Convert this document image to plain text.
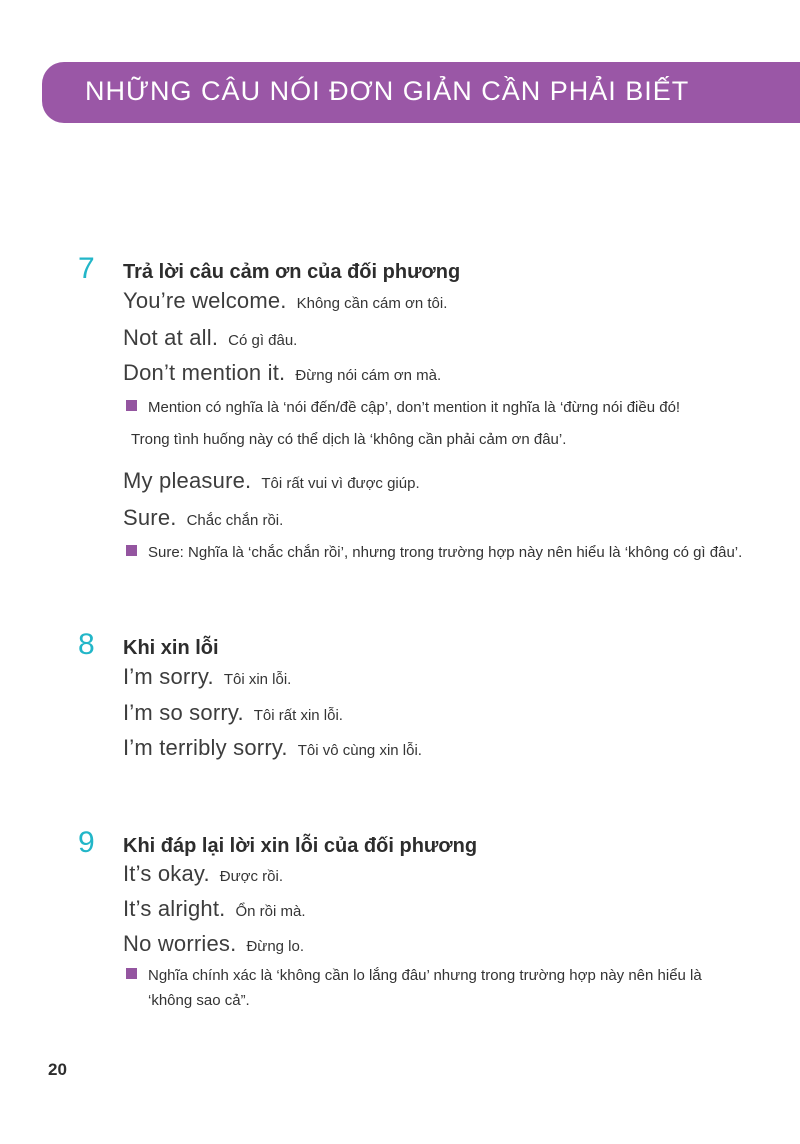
NHỮNG CÂU NÓI ĐƠN GIẢN CẦN PHẢI BIẾT
7	Trả lời câu cảm ơn của đối phương
You’re welcome. Không cần cám ơn tôi.
Not at all. Có gì đâu.
Don’t mention it. Đừng nói cám ơn mà.
Mention có nghĩa là ‘nói đến/đề cập’, don’t mention it nghĩa là ‘đừng nói điều đó!
Trong tình huống này có thể dịch là ‘không cần phải cảm ơn đâu’.
My pleasure. Tôi rất vui vì được giúp.
Sure. Chắc chắn rồi.
Sure: Nghĩa là ‘chắc chắn rồi’, nhưng trong trường hợp này nên hiểu là ‘không có gì đâu’.
8	Khi xin lỗi
I’m sorry. Tôi xin lỗi.
I’m so sorry. Tôi rất xin lỗi.
I’m terribly sorry. Tôi vô cùng xin lỗi.
9	Khi đáp lại lời xin lỗi của đối phương
It’s okay. Được rồi.
It’s alright. Ổn rồi mà.
No worries. Đừng lo.
Nghĩa chính xác là ‘không cần lo lắng đâu’ nhưng trong trường hợp này nên hiểu là ‘không sao cả”.
20
